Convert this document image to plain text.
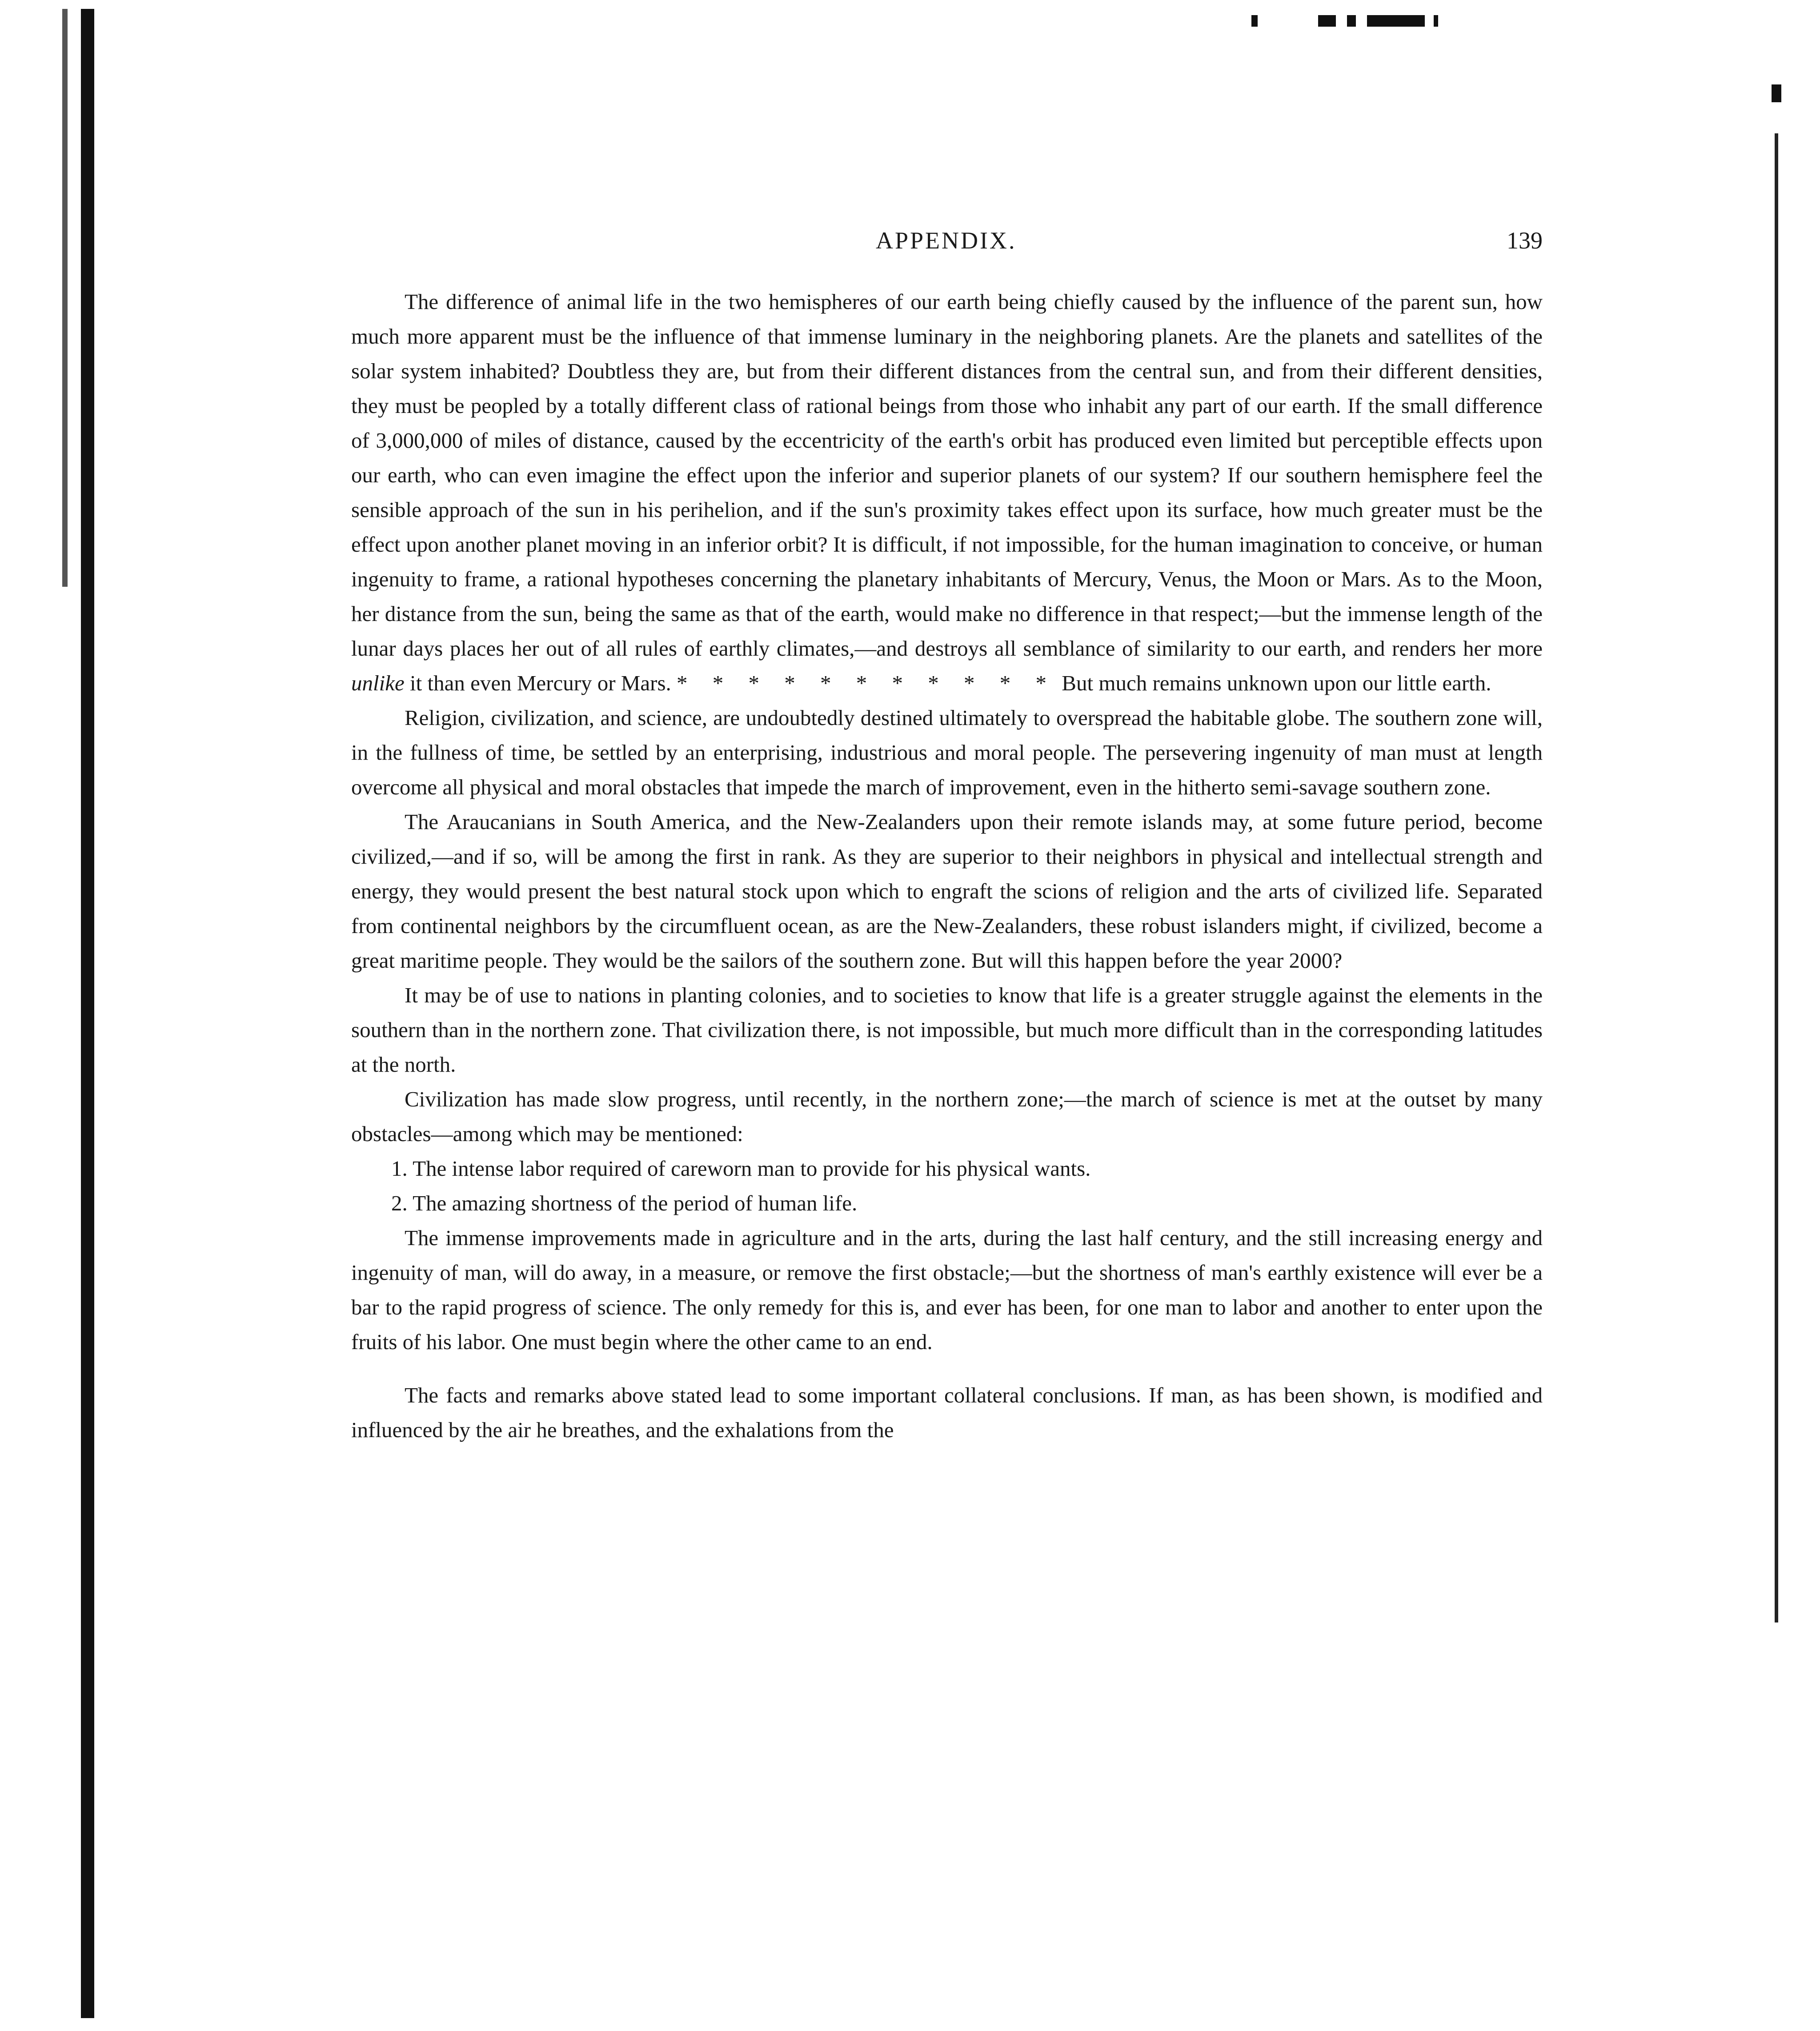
APPENDIX.	139

The difference of animal life in the two hemispheres of our earth being chiefly caused by the influence of the parent sun, how much more apparent must be the influence of that immense luminary in the neighboring planets. Are the planets and satellites of the solar system inhabited? Doubtless they are, but from their different distances from the central sun, and from their different densities, they must be peopled by a totally different class of rational beings from those who inhabit any part of our earth. If the small difference of 3,000,000 of miles of distance, caused by the eccentricity of the earth's orbit has produced even limited but perceptible effects upon our earth, who can even imagine the effect upon the inferior and superior planets of our system? If our southern hemisphere feel the sensible approach of the sun in his perihelion, and if the sun's proximity takes effect upon its surface, how much greater must be the effect upon another planet moving in an inferior orbit? It is difficult, if not impossible, for the human imagination to conceive, or human ingenuity to frame, a rational hypotheses concerning the planetary inhabitants of Mercury, Venus, the Moon or Mars. As to the Moon, her distance from the sun, being the same as that of the earth, would make no difference in that respect;—but the immense length of the lunar days places her out of all rules of earthly climates,—and destroys all semblance of similarity to our earth, and renders her more unlike it than even Mercury or Mars. * * * * * * * * * * * But much remains unknown upon our little earth.

Religion, civilization, and science, are undoubtedly destined ultimately to overspread the habitable globe. The southern zone will, in the fullness of time, be settled by an enterprising, industrious and moral people. The persevering ingenuity of man must at length overcome all physical and moral obstacles that impede the march of improvement, even in the hitherto semi-savage southern zone.

The Araucanians in South America, and the New-Zealanders upon their remote islands may, at some future period, become civilized,—and if so, will be among the first in rank. As they are superior to their neighbors in physical and intellectual strength and energy, they would present the best natural stock upon which to engraft the scions of religion and the arts of civilized life. Separated from continental neighbors by the circumfluent ocean, as are the New-Zealanders, these robust islanders might, if civilized, become a great maritime people. They would be the sailors of the southern zone. But will this happen before the year 2000?

It may be of use to nations in planting colonies, and to societies to know that life is a greater struggle against the elements in the southern than in the northern zone. That civilization there, is not impossible, but much more difficult than in the corresponding latitudes at the north.

Civilization has made slow progress, until recently, in the northern zone;—the march of science is met at the outset by many obstacles—among which may be mentioned:

1. The intense labor required of careworn man to provide for his physical wants.

2. The amazing shortness of the period of human life.

The immense improvements made in agriculture and in the arts, during the last half century, and the still increasing energy and ingenuity of man, will do away, in a measure, or remove the first obstacle;—but the shortness of man's earthly existence will ever be a bar to the rapid progress of science. The only remedy for this is, and ever has been, for one man to labor and another to enter upon the fruits of his labor. One must begin where the other came to an end.

The facts and remarks above stated lead to some important collateral conclusions. If man, as has been shown, is modified and influenced by the air he breathes, and the exhalations from the
